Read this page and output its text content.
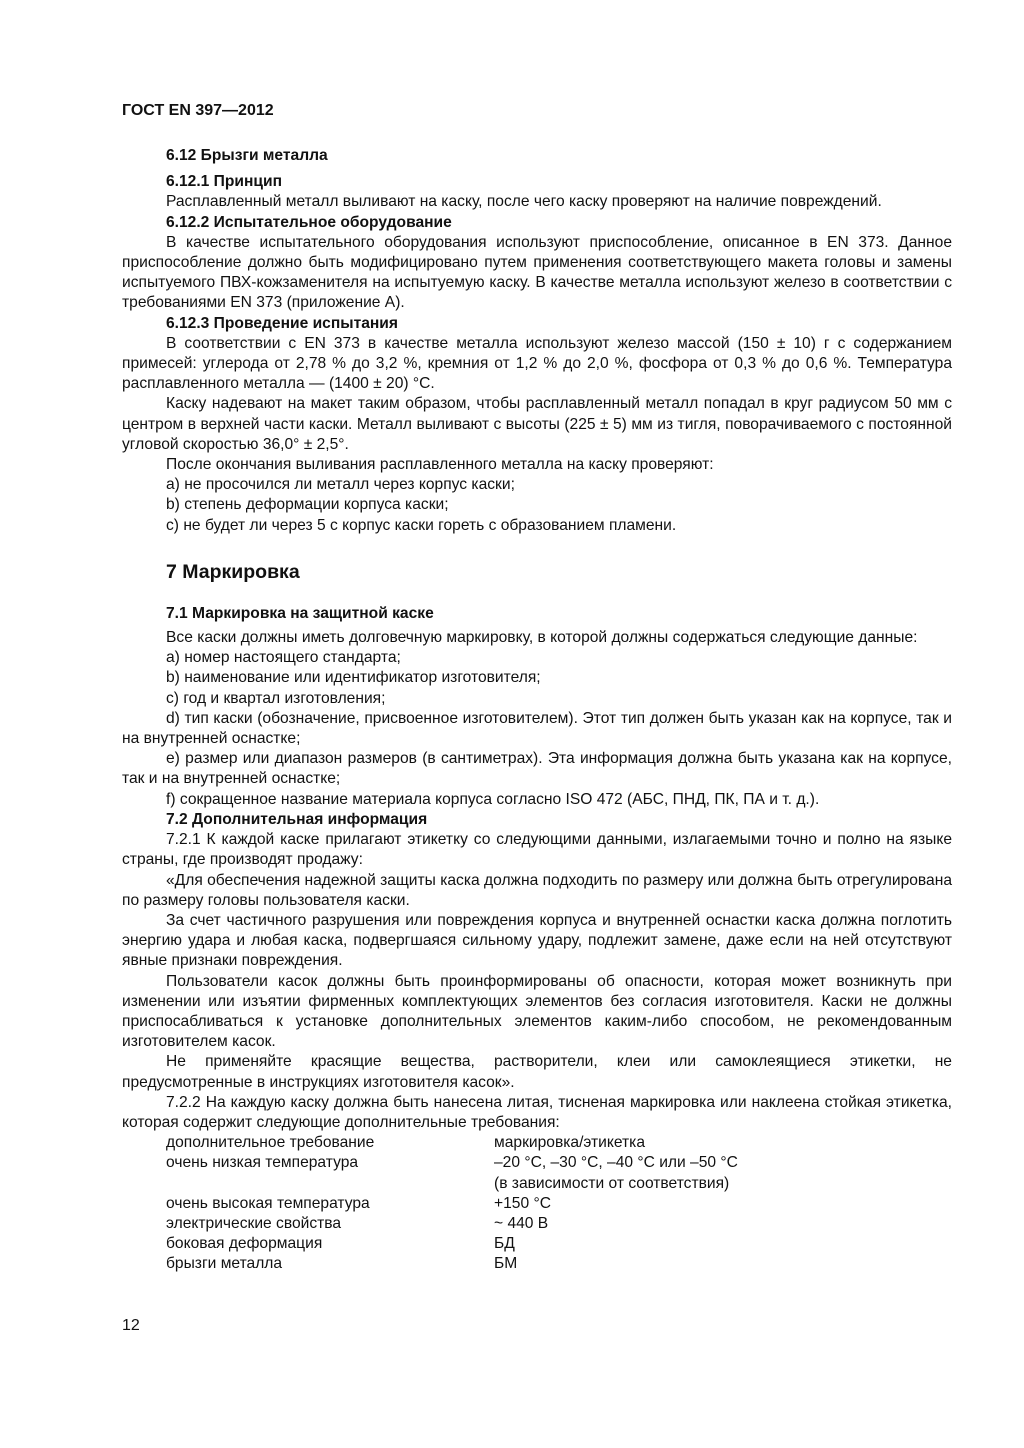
ГОСТ EN 397—2012
6.12 Брызги металла
6.12.1 Принцип

Расплавленный металл выливают на каску, после чего каску проверяют на наличие повреждений.

6.12.2 Испытательное оборудование

В качестве испытательного оборудования используют приспособление, описанное в EN 373. Данное приспособление должно быть модифицировано путем применения соответствующего макета головы и замены испытуемого ПВХ-кожзаменителя на испытуемую каску. В качестве металла используют железо в соответствии с требованиями EN 373 (приложение А).

6.12.3 Проведение испытания

В соответствии с EN 373 в качестве металла используют железо массой (150 ± 10) г с содержанием примесей: углерода от 2,78 % до 3,2 %, кремния от 1,2 % до 2,0 %, фосфора от 0,3 % до 0,6 %. Температура расплавленного металла — (1400 ± 20) °C.

Каску надевают на макет таким образом, чтобы расплавленный металл попадал в круг радиусом 50 мм с центром в верхней части каски. Металл выливают с высоты (225 ± 5) мм из тигля, поворачиваемого с постоянной угловой скоростью 36,0° ± 2,5°.

После окончания выливания расплавленного металла на каску проверяют:

а) не просочился ли металл через корпус каски;
b) степень деформации корпуса каски;
c) не будет ли через 5 с корпус каски гореть с образованием пламени.
7 Маркировка
7.1 Маркировка на защитной каске

Все каски должны иметь долговечную маркировку, в которой должны содержаться следующие данные:

а) номер настоящего стандарта;
b) наименование или идентификатор изготовителя;
c) год и квартал изготовления;
d) тип каски (обозначение, присвоенное изготовителем). Этот тип должен быть указан как на корпусе, так и на внутренней оснастке;
e) размер или диапазон размеров (в сантиметрах). Эта информация должна быть указана как на корпусе, так и на внутренней оснастке;
f) сокращенное название материала корпуса согласно ISO 472 (АБС, ПНД, ПК, ПА и т. д.).
7.2 Дополнительная информация

7.2.1 К каждой каске прилагают этикетку со следующими данными, излагаемыми точно и полно на языке страны, где производят продажу:

«Для обеспечения надежной защиты каска должна подходить по размеру или должна быть отрегулирована по размеру головы пользователя каски.

За счет частичного разрушения или повреждения корпуса и внутренней оснастки каска должна поглотить энергию удара и любая каска, подвергшаяся сильному удару, подлежит замене, даже если на ней отсутствуют явные признаки повреждения.

Пользователи касок должны быть проинформированы об опасности, которая может возникнуть при изменении или изъятии фирменных комплектующих элементов без согласия изготовителя. Каски не должны приспосабливаться к установке дополнительных элементов каким-либо способом, не рекомендованным изготовителем касок.

Не применяйте красящие вещества, растворители, клеи или самоклеящиеся этикетки, не предусмотренные в инструкциях изготовителя касок».

7.2.2 На каждую каску должна быть нанесена литая, тисненая маркировка или наклеена стойкая этикетка, которая содержит следующие дополнительные требования:

дополнительное требование	маркировка/этикетка
очень низкая температура	–20 °C, –30 °C, –40 °C или –50 °C
	(в зависимости от соответствия)
очень высокая температура	+150 °C
электрические свойства	~ 440 В
боковая деформация	БД
брызги металла	БМ
12
